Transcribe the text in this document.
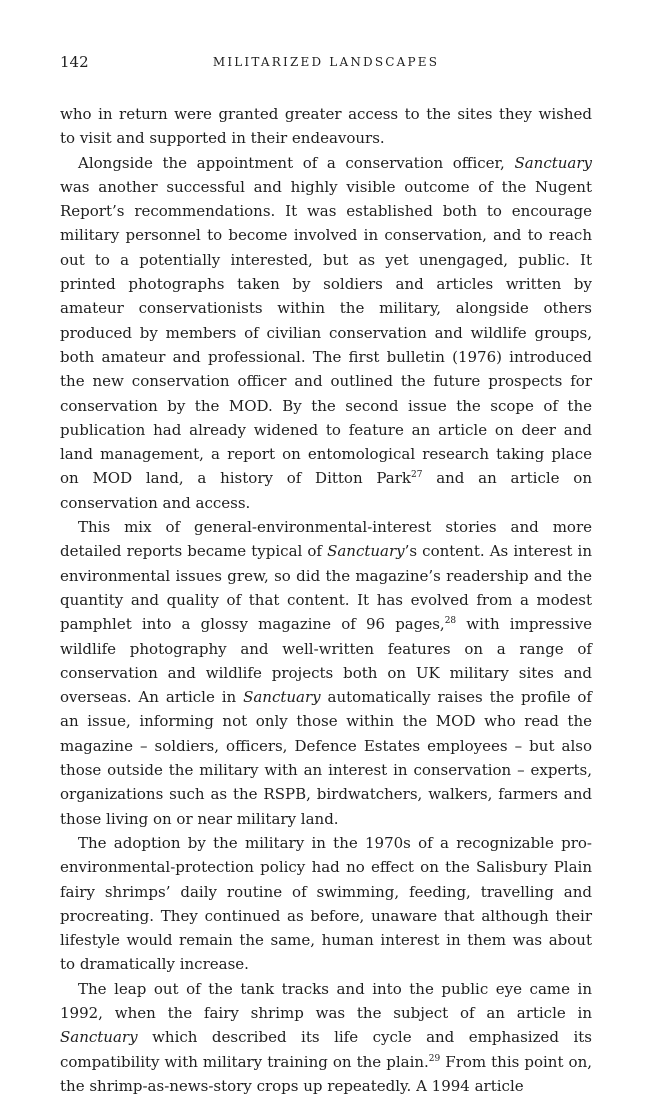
142	MILITARIZED LANDSCAPES

who in return were granted greater access to the sites they wished to visit and supported in their endeavours.

Alongside the appointment of a conservation officer, Sanctuary was another successful and highly visible outcome of the Nugent Report’s recommendations. It was established both to encourage military personnel to become involved in conservation, and to reach out to a potentially interested, but as yet unengaged, public. It printed photographs taken by soldiers and articles written by amateur conservationists within the military, alongside others produced by members of civilian conservation and wildlife groups, both amateur and professional. The first bulletin (1976) introduced the new conservation officer and outlined the future prospects for conservation by the MOD. By the second issue the scope of the publication had already widened to feature an article on deer and land management, a report on entomological research taking place on MOD land, a history of Ditton Park$^{27}$ and an article on conservation and access.

This mix of general-environmental-interest stories and more detailed reports became typical of Sanctuary’s content. As interest in environmental issues grew, so did the magazine’s readership and the quantity and quality of that content. It has evolved from a modest pamphlet into a glossy magazine of 96 pages,$^{28}$ with impressive wildlife photography and well-written features on a range of conservation and wildlife projects both on UK military sites and overseas. An article in Sanctuary automatically raises the profile of an issue, informing not only those within the MOD who read the magazine – soldiers, officers, Defence Estates employees – but also those outside the military with an interest in conservation – experts, organizations such as the RSPB, birdwatchers, walkers, farmers and those living on or near military land.

The adoption by the military in the 1970s of a recognizable pro-environmental-protection policy had no effect on the Salisbury Plain fairy shrimps’ daily routine of swimming, feeding, travelling and procreating. They continued as before, unaware that although their lifestyle would remain the same, human interest in them was about to dramatically increase.

The leap out of the tank tracks and into the public eye came in 1992, when the fairy shrimp was the subject of an article in Sanctuary which described its life cycle and emphasized its compatibility with military training on the plain.$^{29}$ From this point on, the shrimp-as-news-story crops up repeatedly. A 1994 article
